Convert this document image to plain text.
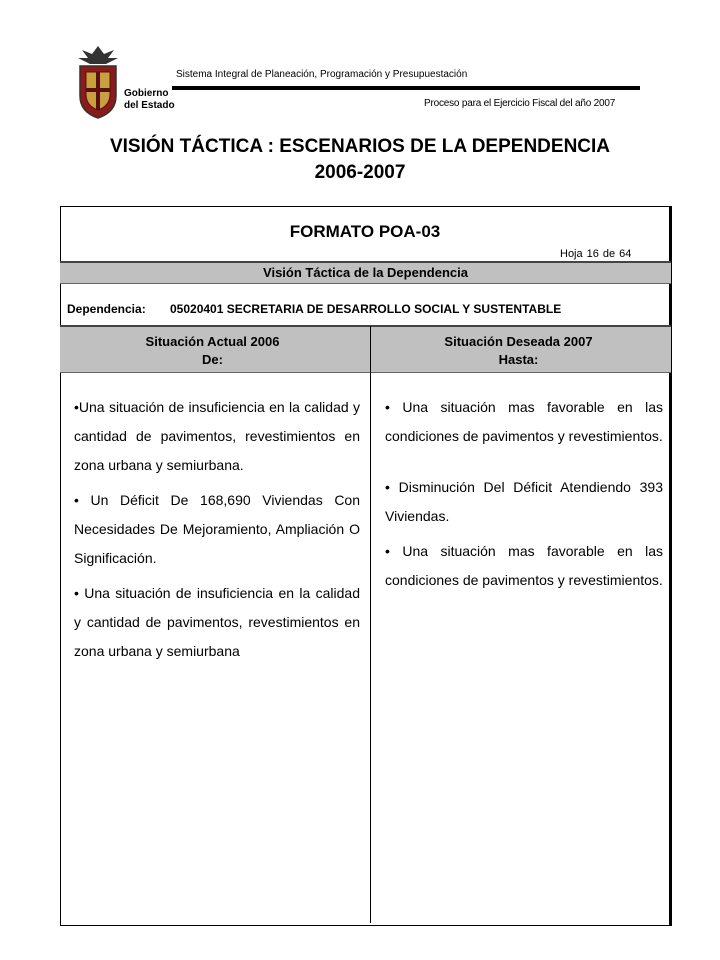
Gobierno
del Estado
Sistema Integral de Planeación, Programación y Presupuestación
Proceso para el Ejercicio Fiscal del año 2007
VISIÓN TÁCTICA : ESCENARIOS DE LA DEPENDENCIA
2006-2007
FORMATO POA-03
Hoja 16 de 64
Visión Táctica de la Dependencia
Dependencia: 05020401 SECRETARIA DE DESARROLLO SOCIAL Y SUSTENTABLE
Situación Actual 2006
De:
Situación Deseada 2007
Hasta:

•Una situación de insuficiencia en la calidad y cantidad de pavimentos, revestimientos en zona urbana y semiurbana.

• Un Déficit De 168,690 Viviendas Con Necesidades De Mejoramiento, Ampliación O Significación.

• Una situación de insuficiencia en la calidad y cantidad de pavimentos, revestimientos en zona urbana y semiurbana

• Una situación mas favorable en las condiciones de pavimentos y revestimientos.

• Disminución Del Déficit Atendiendo 393 Viviendas.

• Una situación mas favorable en las condiciones de pavimentos y revestimientos.
